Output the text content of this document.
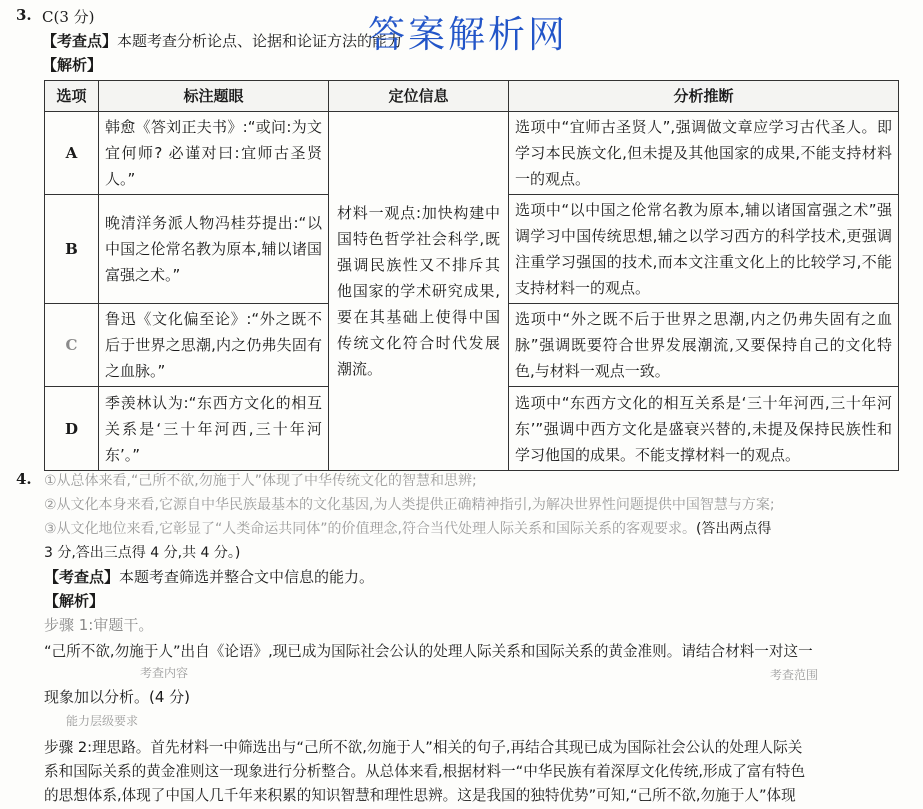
3. C(3 分)
【考查点】本题考查分析论点、论据和论证方法的能力
【解析】
答案解析网
选项	标注题眼	定位信息	分析推断
A	韩愈《答刘正夫书》:“或问:为文宜何师? 必谨对曰:宜师古圣贤人。”	材料一观点:加快构建中国特色哲学社会科学,既强调民族性又不排斥其他国家的学术研究成果,要在其基础上使得中国传统文化符合时代发展潮流。	选项中“宜师古圣贤人”,强调做文章应学习古代圣人。即学习本民族文化,但未提及其他国家的成果,不能支持材料一的观点。

B	晚清洋务派人物冯桂芬提出:“以中国之伦常名教为原本,辅以诸国富强之术。”		选项中“以中国之伦常名教为原本,辅以诸国富强之术”强调学习中国传统思想,辅之以学习西方的科学技术,更强调注重学习强国的技术,而本文注重文化上的比较学习,不能支持材料一的观点。

C	鲁迅《文化偏至论》:“外之既不后于世界之思潮,内之仍弗失固有之血脉。”		选项中“外之既不后于世界之思潮,内之仍弗失固有之血脉”强调既要符合世界发展潮流,又要保持自己的文化特色,与材料一观点一致。

D	季羡林认为:“东西方文化的相互关系是‘三十年河西,三十年河东’。”		选项中“东西方文化的相互关系是‘三十年河西,三十年河东’”强调中西方文化是盛衰兴替的,未提及保持民族性和学习他国的成果。不能支撑材料一的观点。
4. ①从总体来看,“己所不欲,勿施于人”体现了中华传统文化的智慧和思辨;
②从文化本身来看,它源自中华民族最基本的文化基因,为人类提供正确精神指引,为解决世界性问题提供中国智慧与方案;
③从文化地位来看,它彰显了“人类命运共同体”的价值理念,符合当代处理人际关系和国际关系的客观要求。(答出两点得
3 分,答出三点得 4 分,共 4 分。)
【考查点】本题考查筛选并整合文中信息的能力。
【解析】
步骤 1:审题干。
“己所不欲,勿施于人”出自《论语》,现已成为国际社会公认的处理人际关系和国际关系的黄金准则。请结合材料一对这一
考查内容	考查范围
现象加以分析。(4 分)
能力层级要求
步骤 2:理思路。首先材料一中筛选出与“己所不欲,勿施于人”相关的句子,再结合其现已成为国际社会公认的处理人际关
系和国际关系的黄金准则这一现象进行分析整合。从总体来看,根据材料一“中华民族有着深厚文化传统,形成了富有特色
的思想体系,体现了中国人几千年来积累的知识智慧和理性思辨。这是我国的独特优势”可知,“己所不欲,勿施于人”体现
